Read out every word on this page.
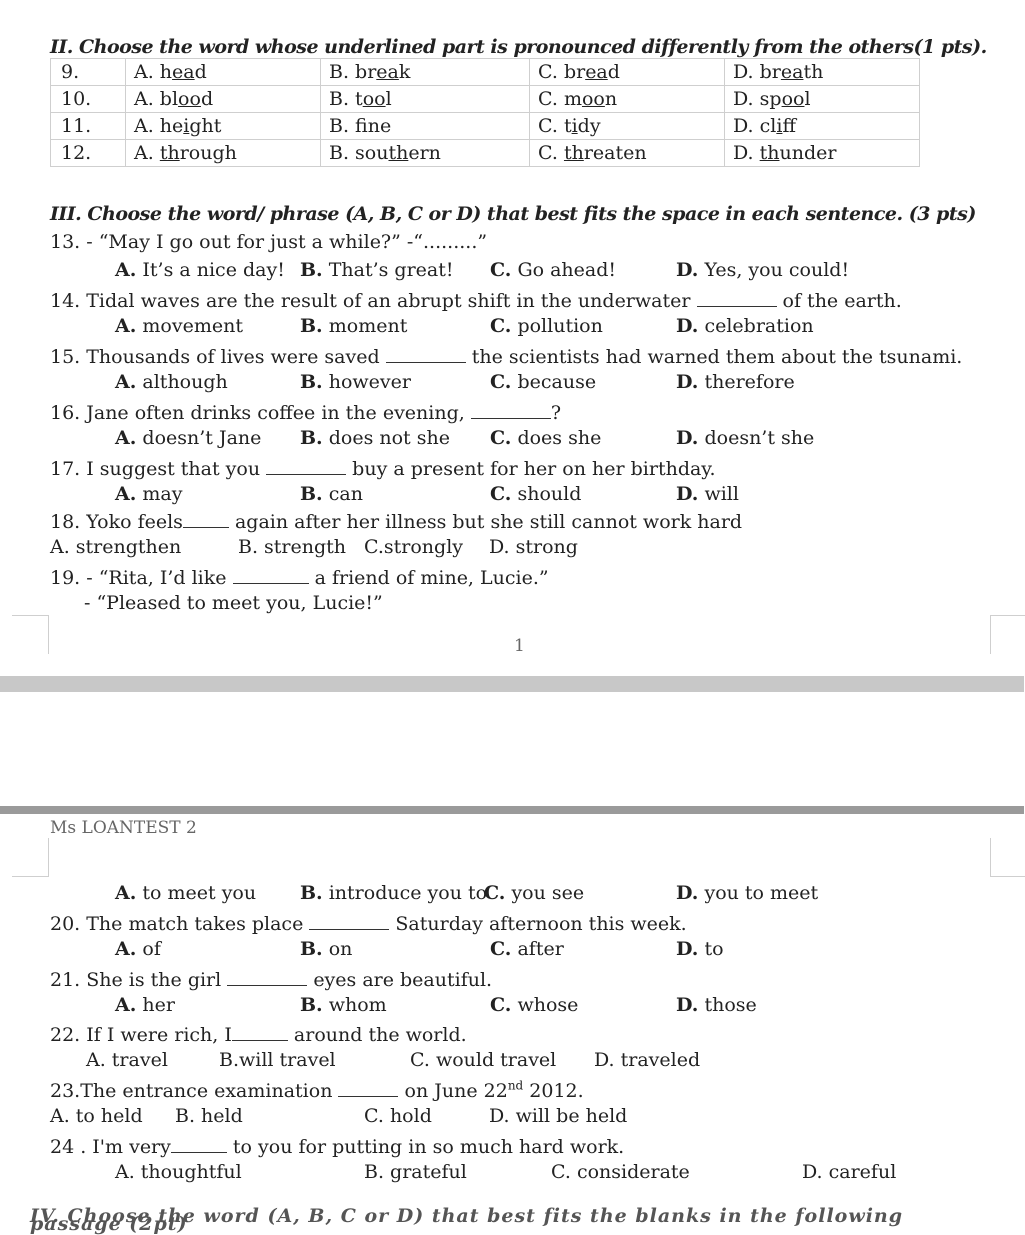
II. Choose the word whose underlined part is pronounced differently from the others(1 pts).
9.	A. head	B. break	C. bread	D. breath
10.	A. blood	B. tool	C. moon	D. spool
11.	A. height	B. fne	C. tidy	D. cliff
12.	A. through	B. southern	C. threaten	D. thunder
III. Choose the word/ phrase (A, B, C or D) that best fits the space in each sentence. (3 pts)
13. - “May I go out for just a while?” -“.........”
A. It’s a nice day! B. That’s great! C. Go ahead!	D. Yes, you could!
14. Tidal waves are the result of an abrupt shift in the underwater	of the earth.
A. movement	B. moment	C. pollution	D. celebration
15. Thousands of lives were saved	the scientists had warned them about the tsunami.
A. although	B. however	C. because	D. therefore
16. Jane often drinks coffee in the evening,	?
A. doesn’t Jane B. does not she C. does she	D. doesn’t she
17. I suggest that you	buy a present for her on her birthday.
A. may	B. can	C. should	D. will
18. Yoko feels	again after her illness but she still cannot work hard
A. strengthen	B. strength C.strongly D. strong
19. - “Rita, I’d like	a friend of mine, Lucie.”
- “Pleased to meet you, Lucie!”
1
Ms LOANTEST 2
A. to meet you B. introduce you to
C. you see	D. you to meet
20. The match takes place	Saturday afternoon this week.
A. of	B. on	C. after	D. to
21. She is the girl	eyes are beautiful.
A. her	B. whom	C. whose	D. those
22. If I were rich, I	around the world.
A. travel	B.will travel	C. would travel D. traveled
23.The entrance examination	on June 22nd 2012.
A. to held B. held	C. hold	D. will be held
24 . I'm very	to you for putting in so much hard work.
A. thoughtful	B. grateful	C. considerate	D. careful
IV. Choose the word (A, B, C or D) that best fits the blanks in the following passage (2pt)
